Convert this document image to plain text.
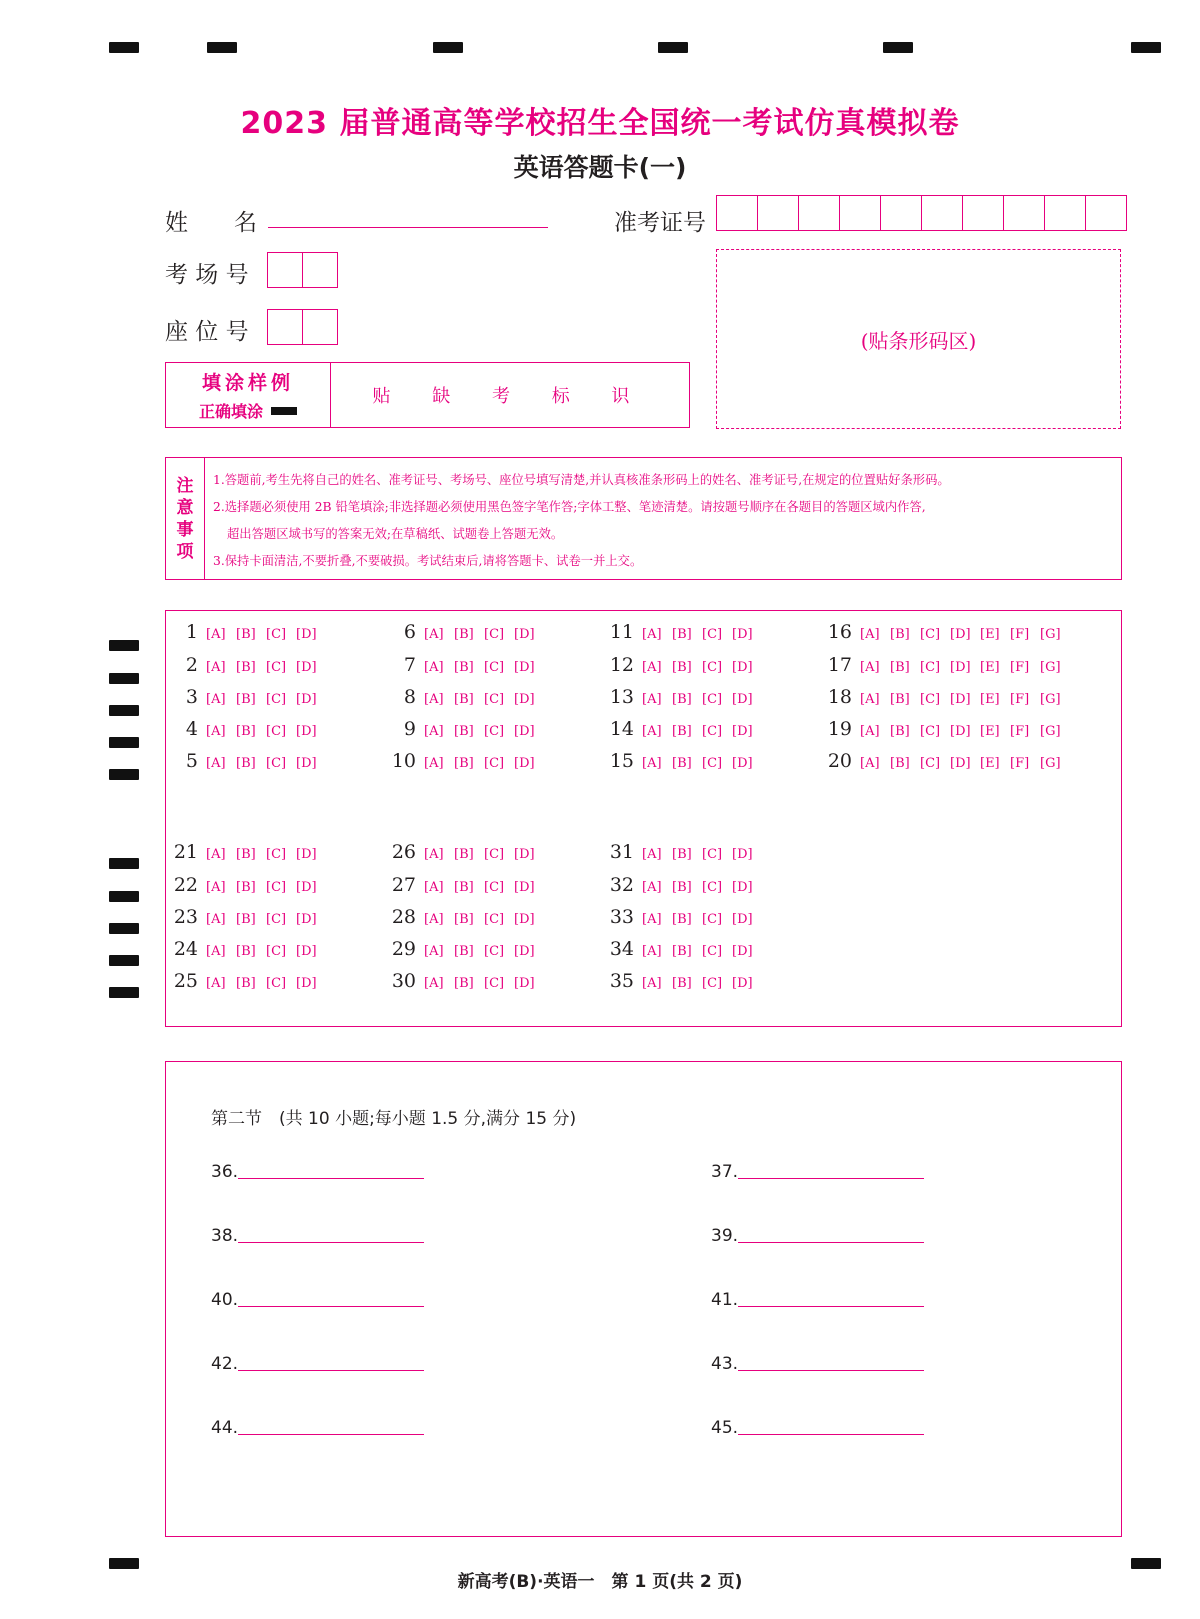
2023 届普通高等学校招生全国统一考试仿真模拟卷
英语答题卡(一)
姓　　名	准考证号
考 场 号
座 位 号	(贴条形码区)
填涂样例
正确填涂
贴 缺 考 标 识
注意事项
1.答题前,考生先将自己的姓名、准考证号、考场号、座位号填写清楚,并认真核准条形码上的姓名、准考证号,在规定的位置贴好条形码。
2.选择题必须使用 2B 铅笔填涂;非选择题必须使用黑色签字笔作答;字体工整、笔迹清楚。请按题号顺序在各题目的答题区域内作答,
超出答题区域书写的答案无效;在草稿纸、试题卷上答题无效。
3.保持卡面清洁,不要折叠,不要破损。考试结束后,请将答题卡、试卷一并上交。
1 [A] [B] [C] [D]
2 [A] [B] [C] [D]
3 [A] [B] [C] [D]
4 [A] [B] [C] [D]
5 [A] [B] [C] [D]
6 [A] [B] [C] [D]
7 [A] [B] [C] [D]
8 [A] [B] [C] [D]
9 [A] [B] [C] [D]
10 [A] [B] [C] [D]
11 [A] [B] [C] [D]
12 [A] [B] [C] [D]
13 [A] [B] [C] [D]
14 [A] [B] [C] [D]
15 [A] [B] [C] [D]
16 [A] [B] [C] [D] [E] [F] [G]
17 [A] [B] [C] [D] [E] [F] [G]
18 [A] [B] [C] [D] [E] [F] [G]
19 [A] [B] [C] [D] [E] [F] [G]
20 [A] [B] [C] [D] [E] [F] [G]
21 [A] [B] [C] [D]
22 [A] [B] [C] [D]
23 [A] [B] [C] [D]
24 [A] [B] [C] [D]
25 [A] [B] [C] [D]
26 [A] [B] [C] [D]
27 [A] [B] [C] [D]
28 [A] [B] [C] [D]
29 [A] [B] [C] [D]
30 [A] [B] [C] [D]
31 [A] [B] [C] [D]
32 [A] [B] [C] [D]
33 [A] [B] [C] [D]
34 [A] [B] [C] [D]
35 [A] [B] [C] [D]
第二节　(共 10 小题;每小题 1.5 分,满分 15 分)
36.	37.
38.	39.
40.	41.
42.	43.
44.	45.
新高考(B)·英语一　第 1 页(共 2 页)
